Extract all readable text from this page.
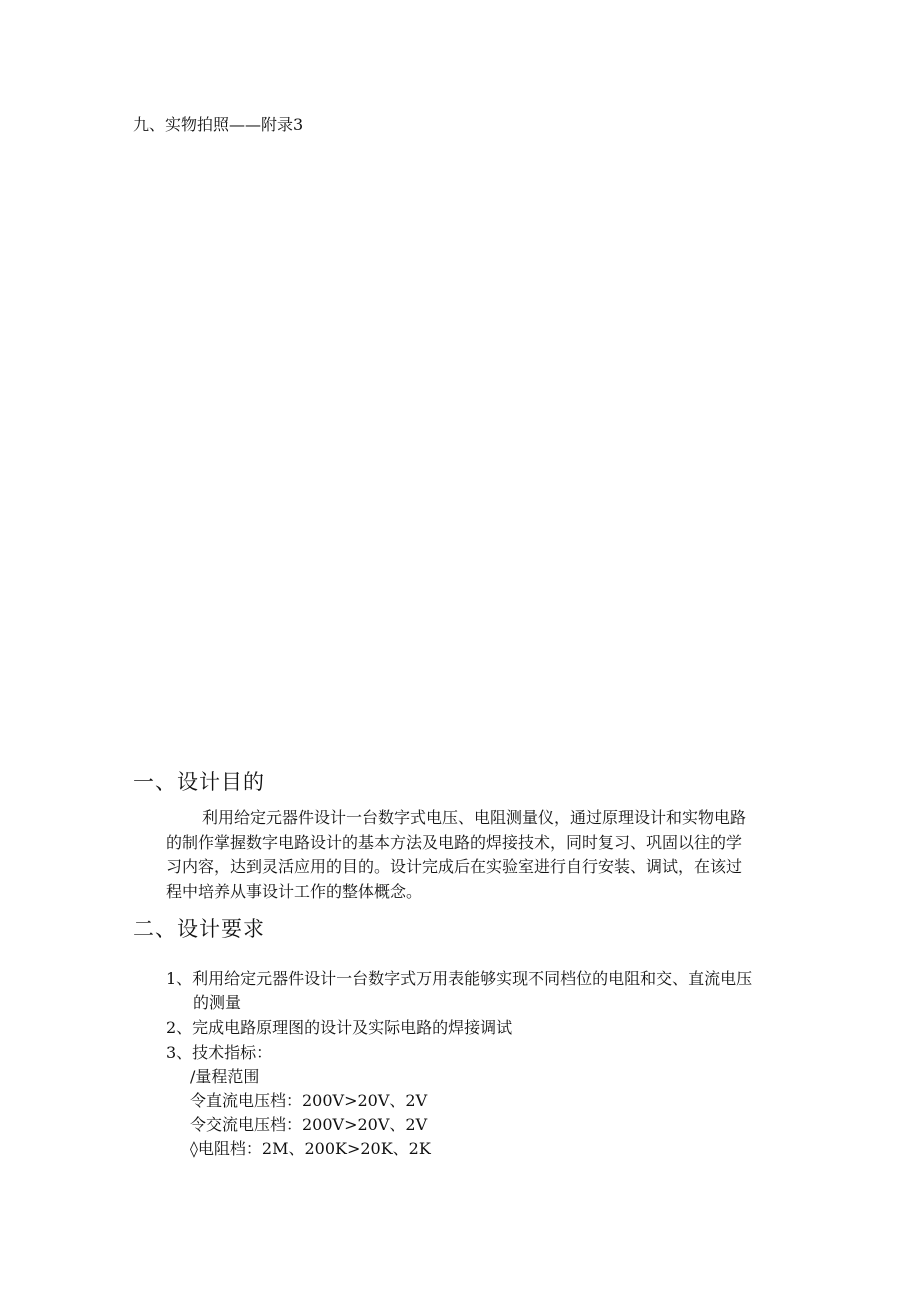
九、实物拍照——附录3
一、设计目的
利用给定元器件设计一台数字式电压、电阻测量仪，通过原理设计和实物电路
的制作掌握数字电路设计的基本方法及电路的焊接技术，同时复习、巩固以往的学
习内容，达到灵活应用的目的。设计完成后在实验室进行自行安装、调试，在该过
程中培养从事设计工作的整体概念。
二、设计要求
1、利用给定元器件设计一台数字式万用表能够实现不同档位的电阻和交、直流电压
的测量
2、完成电路原理图的设计及实际电路的焊接调试
3、技术指标：
/量程范围
令直流电压档：200V>20V、2V
令交流电压档：200V>20V、2V
◊电阻档：2M、200K>20K、2K
